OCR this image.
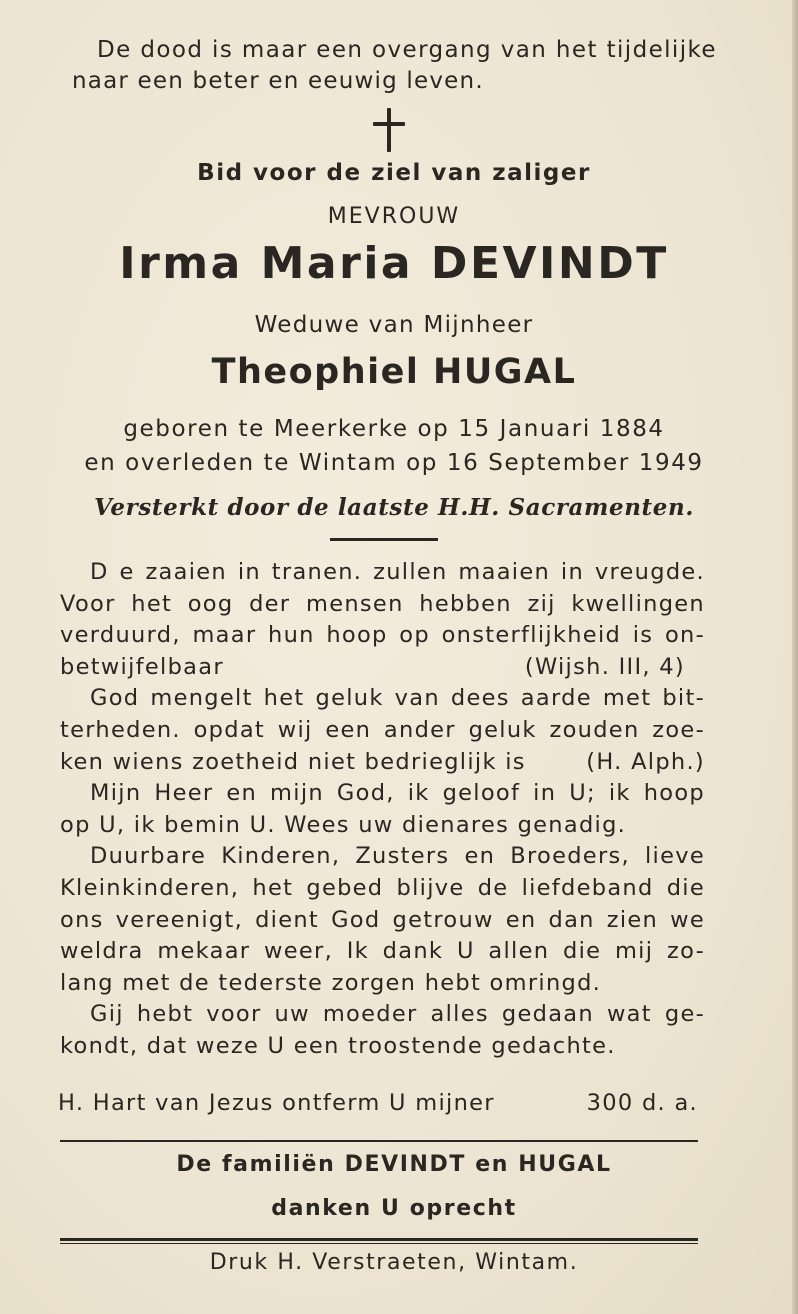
De dood is maar een overgang van het tijdelijke
naar een beter en eeuwig leven.
Bid voor de ziel van zaliger
MEVROUW
Irma Maria DEVINDT
Weduwe van Mijnheer
Theophiel HUGAL
geboren te Meerkerke op 15 Januari 1884
en overleden te Wintam op 16 September 1949
Versterkt door de laatste H.H. Sacramenten.
D e zaaien in tranen. zullen maaien in vreugde.
Voor het oog der mensen hebben zij kwellingen
verduurd, maar hun hoop op onsterflijkheid is on-
betwijfelbaar	(Wijsh. III, 4)
God mengelt het geluk van dees aarde met bit-
terheden. opdat wij een ander geluk zouden zoe-
ken wiens zoetheid niet bedrieglijk is	(H. Alph.)
Mijn Heer en mijn God, ik geloof in U; ik hoop
op U, ik bemin U. Wees uw dienares genadig.
Duurbare Kinderen, Zusters en Broeders, lieve
Kleinkinderen, het gebed blijve de liefdeband die
ons vereenigt, dient God getrouw en dan zien we
weldra mekaar weer, Ik dank U allen die mij zo-
lang met de tederste zorgen hebt omringd.
Gij hebt voor uw moeder alles gedaan wat ge-
kondt, dat weze U een troostende gedachte.
H. Hart van Jezus ontferm U mijner	300 d. a.
De familiën DEVINDT en HUGAL
danken U oprecht
Druk H. Verstraeten, Wintam.
